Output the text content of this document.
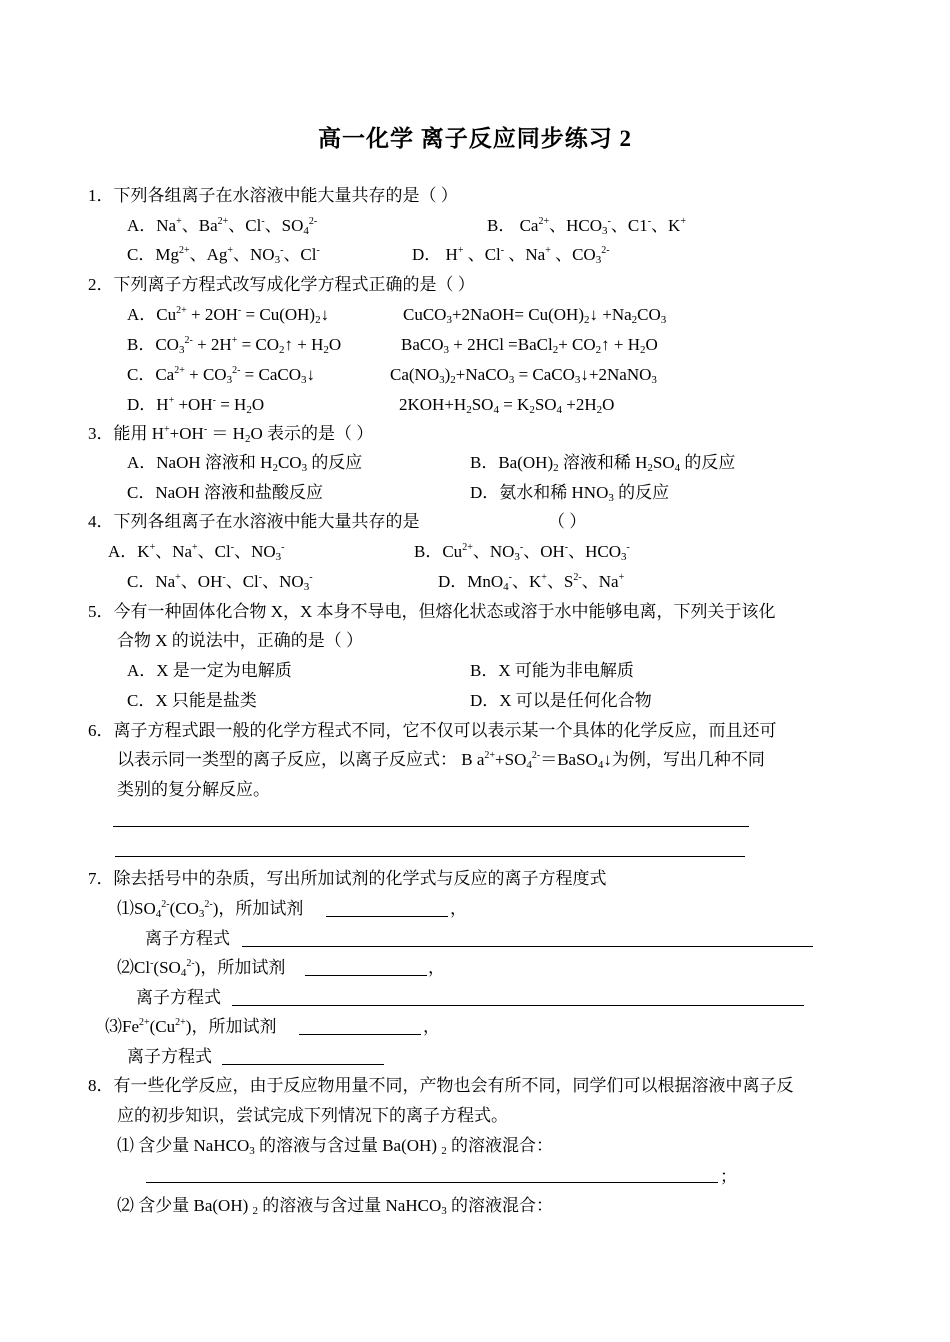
高一化学 离子反应同步练习 2
1．下列各组离子在水溶液中能大量共存的是（ ）
A．Na+、$Ba^{2+}$、Cl-、$SO_4^{2-}$	B． $Ca^{2+}$、$HCO_3^-$、C1-、K+
C．$Mg^{2+}$、Ag+、$NO_3^-$、Cl-	D． H+ 、Cl- 、Na+ 、$CO_3^{2-}$
2．下列离子方程式改写成化学方程式正确的是（ ）
A．$Cu^{2+} + 2OH^-$ = $Cu(OH)_2↓$	CuCO$_3$+2NaOH= $Cu(OH)_2↓ +Na_2CO_3$
B．$CO_3^{2-} + 2H^+$ = $CO_2↑ + H_2O$	BaCO$_3$ + 2HCl =BaCl$_2$+ $CO_2↑ + H_2O$
C．$Ca^{2+} + CO_3^{2-}$ = CaCO$_3$↓	$Ca(NO_3)_2+NaCO_3$ = CaCO$_3$↓+2NaNO$_3$
D．$H^+ +OH^- = H_2O$	$2KOH+H_2SO_4 = K_2SO_4 +2H_2O$
3．能用 $H^++OH^- = H_2O$ 表示的是（ ）
A．NaOH 溶液和 $H_2CO_3$ 的反应	B．$Ba(OH)_2$ 溶液和稀 $H_2SO_4$ 的反应
C．NaOH 溶液和盐酸反应	D．氨水和稀 $HNO_3$ 的反应
4．下列各组离子在水溶液中能大量共存的是	（ ）
A．K+、Na+、Cl-、$NO_3^-$	B．$Cu^{2+}$、$NO_3^-$、OH-、$HCO_3^-$
C．Na+、OH-、Cl-、$NO_3^-$	D．MnO$_4$-、K+、$S^{2-}$、Na+
5．今有一种固体化合物 X，X 本身不导电，但熔化状态或溶于水中能够电离，下列关于该化
合物 X 的说法中，正确的是（ ）
A．X 是一定为电解质	B．X 可能为非电解质
C．X 只能是盐类	D．X 可以是任何化合物
6．离子方程式跟一般的化学方程式不同，它不仅可以表示某一个具体的化学反应，而且还可
以表示同一类型的离子反应，以离子反应式： B $a^{2+}+SO_4^{2-}=BaSO_4↓$为例，写出几种不同
类别的复分解反应。
7．除去括号中的杂质，写出所加试剂的化学式与反应的离子方程度式
$⑴SO_4^{2-}(CO_3^{2-})$，所加试剂	，
离子方程式
$⑵Cl^-(SO_4^{2-})$，所加试剂	，
离子方程式
$⑶Fe^{2+}(Cu^{2+})$，所加试剂	，
离子方程式
8．有一些化学反应，由于反应物用量不同，产物也会有所不同，同学们可以根据溶液中离子反
应的初步知识，尝试完成下列情况下的离子方程式。
⑴ 含少量 NaHCO$_3$ 的溶液与含过量 Ba(OH) $_2$ 的溶液混合：
；
⑵ 含少量 Ba(OH) $_2$ 的溶液与含过量 NaHCO$_3$ 的溶液混合：
